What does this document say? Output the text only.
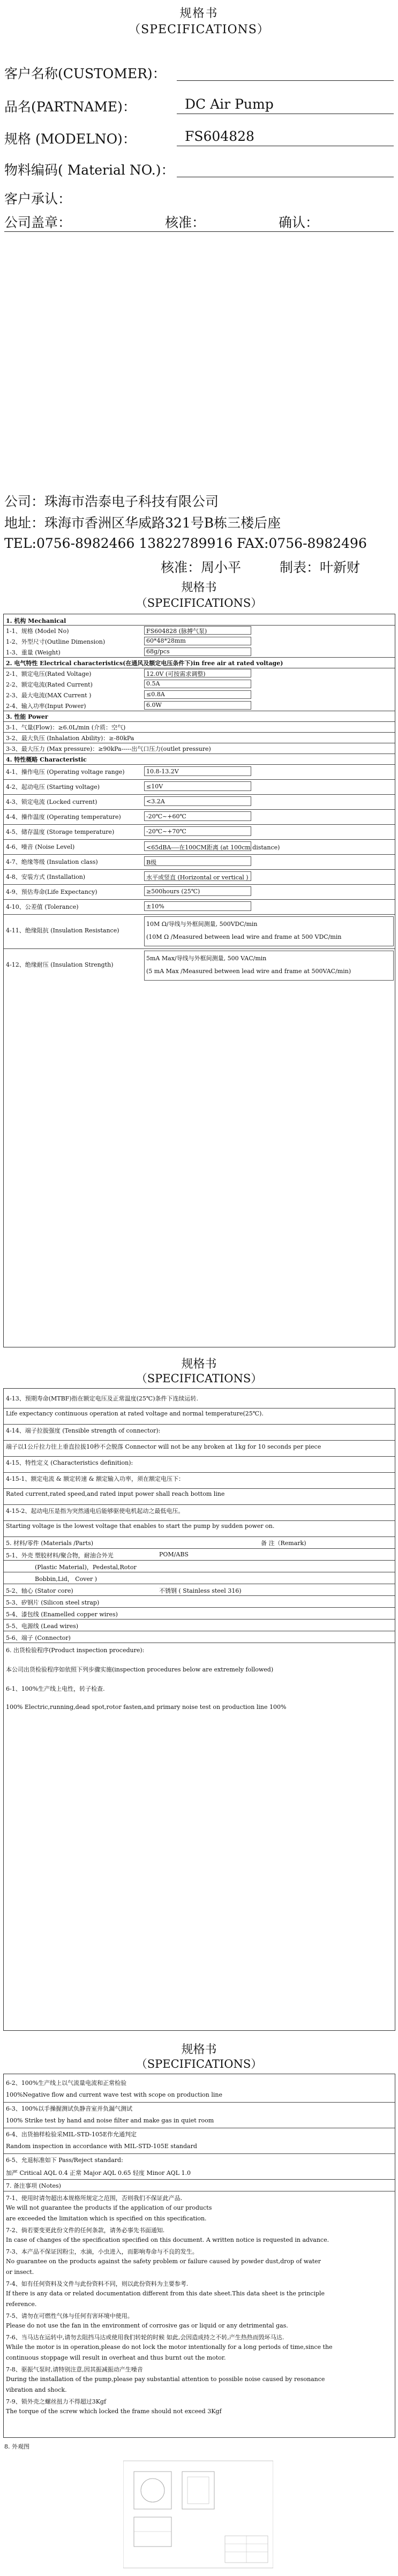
规格书
（SPECIFICATIONS）
客户名称(CUSTOMER)：
品名(PARTNAME)：	DC Air Pump
规格 (MODELNO)：	FS604828
物料编码( Material NO.)：
客户承认：
公司盖章：	核准：	确认：
公司：珠海市浩泰电子科技有限公司
地址：珠海市香洲区华威路321号B栋三楼后座
TEL:0756-8982466 13822789916 FAX:0756-8982496
核准：周小平	制表：叶新财
规格书
（SPECIFICATIONS）
1. 机构 Mechanical
1-1、规格 (Model No)	FS604828 (脉搏气泵)
1-2、外型尺寸(Outline Dimension)	60*48*28mm
1-3、重量 (Weight)	68g/pcs
2. 电气特性 Electrical characteristics(在通风及额定电压条件下)in free air at rated voltage)
2-1、额定电压(Rated Voltage)	12.0V (可按需求调整)
2-2、额定电流(Rated Current)	0.5A
2-3、最大电流(MAX Current )	≤0.8A
2-4、输入功率(Input Power)	6.0W
3. 性能 Power
3-1、气量(Flow)：≥6.0L/min (介质：空气)
3-2、最大负压 (Inhalation Ability)：≥-80kPa
3-3、最大压力 (Max pressure)：≥90kPa-----出气口压力(outlet pressure)
4. 特性概略 Characteristic
4-1、操作电压 (Operating voltage range)	10.8-13.2V
4-2、起动电压 (Starting voltage)	≤10V
4-3、锁定电流 (Locked current)	<3.2A
4-4、操作温度 (Operating temperature)	-20℃~+60℃
4-5、储存温度 (Storage temperature)	-20℃~+70℃
4-6、噪音 (Noise Level)	<65dBA----在100CM距离 (at 100cm distance)
4-7、绝缘等级 (Insulation class)	B级
4-8、安装方式 (Installation)	水平或竖直 (Horizontal or vertical )
4-9、预估寿命(Life Expectancy)	≥500hours (25℃)
4-10、公差值 (Tolerance)	±10%
4-11、绝缘阻抗 (Insulation Resistance)
10M Ω/导线与外框间测量, 500VDC/min
(10M Ω /Measured between lead wire and frame at 500 VDC/min
4-12、绝缘耐压 (Insulation Strength)
5mA Max/导线与外框间测量, 500 VAC/min
(5 mA Max /Measured between lead wire and frame at 500VAC/min)
规格书
（SPECIFICATIONS）
4-13、预期寿命(MTBF)指在额定电压及正常温度(25℃)条件下连续运转.
Life expectancy continuous operation at rated voltage and normal temperature(25℃).
4-14、端子拉拔强度 (Tensible strength of connector):
端子以1公斤拉力往上垂直拉拔10秒不会脱落 Connector will not be any broken at 1kg for 10 seconds per piece
4-15、特性定义 (Characteristics definition):
4-15-1、额定电流 & 额定转速 & 额定输入功率，须在额定电压下：
Rated current,rated speed,and rated input power shall reach bottom line
4-15-2、起动电压是指为突然通电后能够驱使电机起动之最低电压。
Starting voltage is the lowest voltage that enables to start the pump by sudden power on.
5. 材料/零件 (Materials /Parts)	备 注（Remark)
5-1、外壳 塑胶材料/聚合物，耐油合外光	POM/ABS
(Plastic Material)，Pedestal,Rotor
Bobbin,Lid， Cover )
5-2、轴心 (Stator core)	不锈钢 ( Stainless steel 316)
5-3、矽钢片 (Silicon steel strap)
5-4、漆包线 (Enamelled copper wires)
5-5、电源线 (Lead wires)
5-6、端子 (Connector)
6. 出货检验程序(Product inspection procedure):
本公司出货检验程序如依照下列步骤实施(inspection procedures below are extremely followed)
6-1、100%生产线上电性，转子检查.
100% Electric,running,dead spot,rotor fasten,and primary noise test on production line 100%
规格书
（SPECIFICATIONS）
6-2、100%生产线上以气流量电流和正常检验
100%Negative flow and current wave test with scope on production line
6-3、100%以手操握测试负静音室并负漏气测试
100% Strike test by hand and noise filter and make gas in quiet room
6-4、出货抽样检验采MIL-STD-105E作允通判定
Random inspection in accordance with MIL-STD-105E standard
6-5、允退标准如下 Pass/Reject standard:
加严 Critical AQL 0.4 正常 Major AQL 0.65 轻度 Minor AQL 1.0
7. 备注事项 (Notes)
7-1、使用时请勿超出本规格所规定之范围，否则我们不保证此产品.
We will not guarantee the products if the application of our products
are exceeded the limitation which is specified on this specification.
7-2、倘若要变更此份文件的任何条款，请务必事先书面通知.
In case of changes of the specification specified on this document. A written notice is requested in advance.
7-3、本产品不保证因粉尘，水滴，小虫进入，而影响寿命与不良的发生。
No guarantee on the products against the safety problem or failure caused by powder dust,drop of water
or insect.
7-4、如有任何资料及文件与此份资料不同，则以此份资料为主要参考.
If there is any data or related documentation different from this date sheet.This data sheet is the principle
reference.
7-5、请勿在可燃性气体与任何有害环境中使用。
Please do not use the fan in the environment of corrosive gas or liquid or any detrimental gas.
7-6、当马达在运转中,请勿去阻挡马达或使用我们转轮的时候 如此,会因造成持之不转,产生热热而毁坏马达.
While the motor is in operation,please do not lock the motor intentionally for a long periods of time,since the
continuous stoppage will result in overheat and thus burnt out the motor.
7-8、驱振气泵时,请特别注意,因其振减振动产生噪音
During the installation of the pump,please pay substantial attention to possible noise caused by resonance
vibration and shock.
7-9、锁外壳之螺丝扭力不得超过3Kgf
The torque of the screw which locked the frame should not exceed 3Kgf
8. 外观图
